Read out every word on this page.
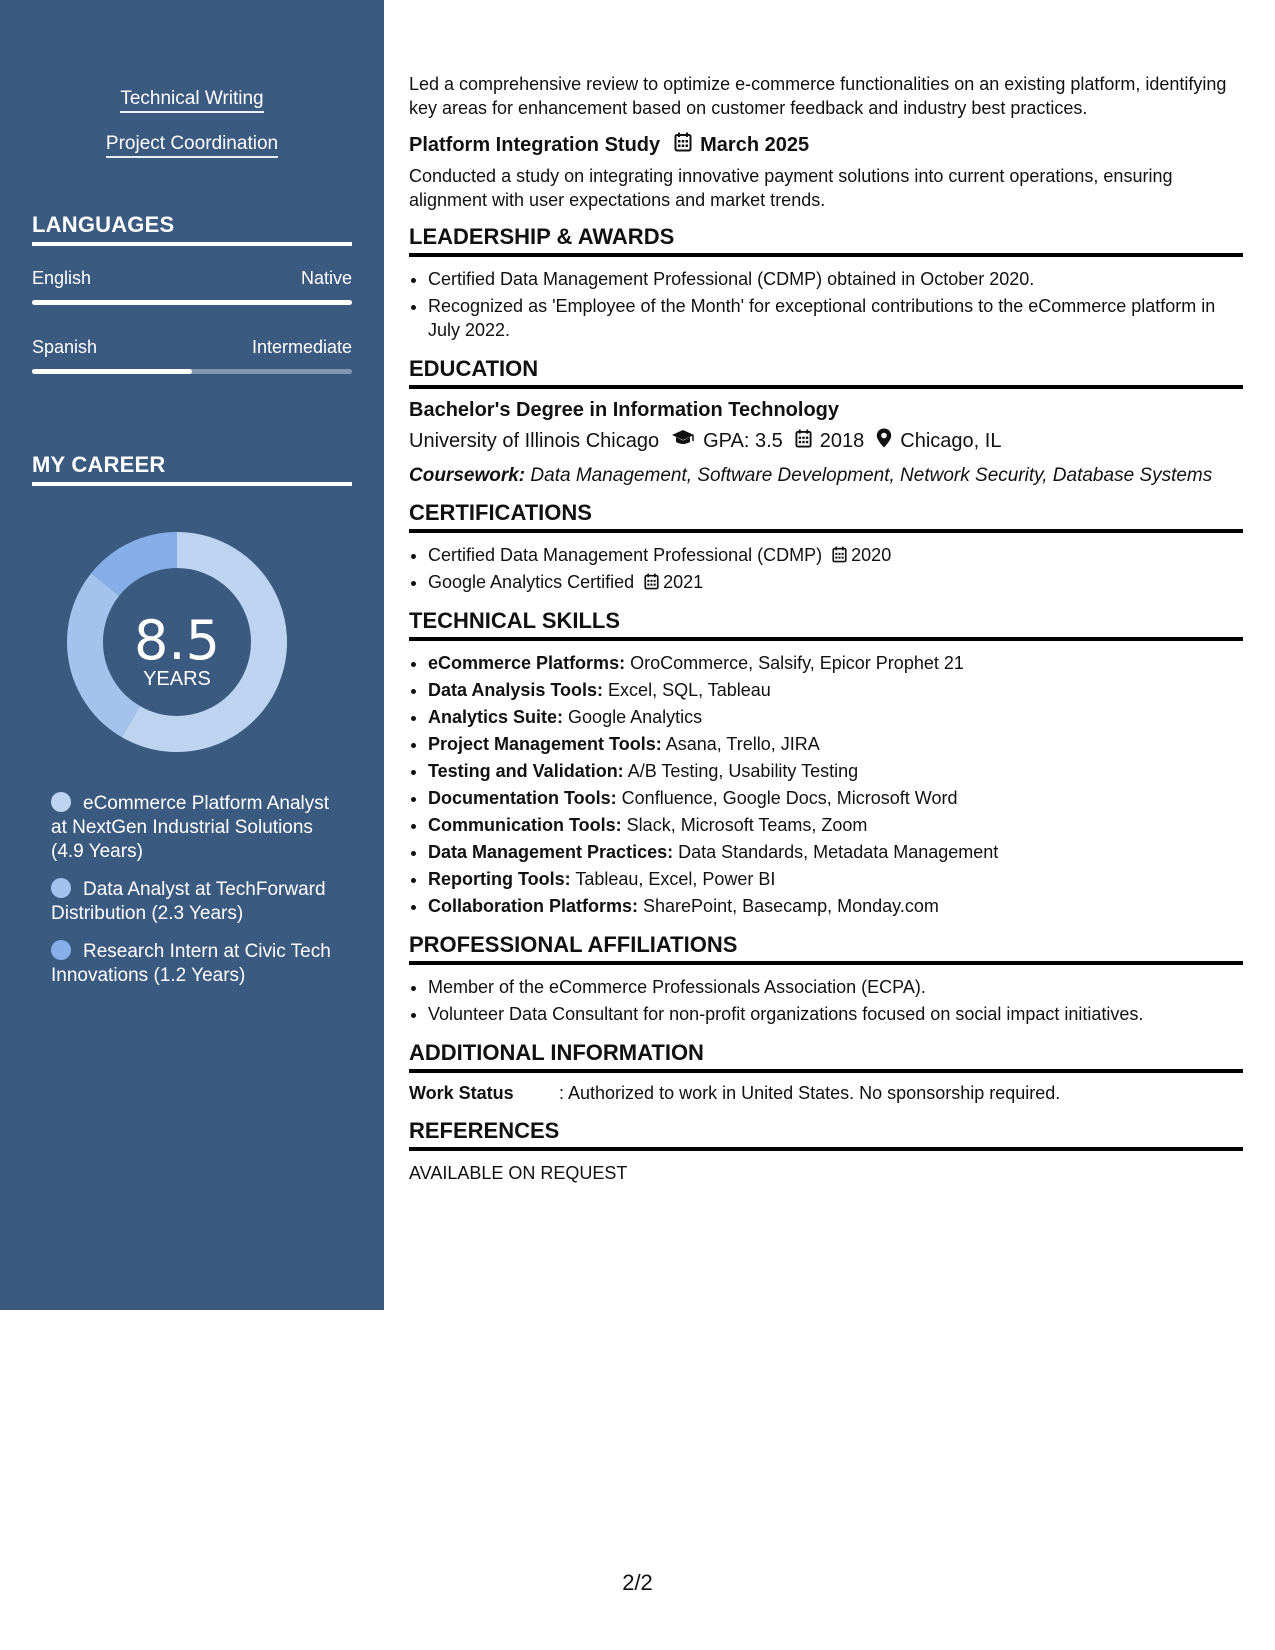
Technical Writing
Project Coordination
LANGUAGES
English	Native
Spanish	Intermediate
MY CAREER
8.5
YEARS
eCommerce Platform Analyst at NextGen Industrial Solutions (4.9 Years)
Data Analyst at TechForward Distribution (2.3 Years)
Research Intern at Civic Tech Innovations (1.2 Years)

Led a comprehensive review to optimize e-commerce functionalities on an existing platform, identifying key areas for enhancement based on customer feedback and industry best practices.

Platform Integration Study March 2025

Conducted a study on integrating innovative payment solutions into current operations, ensuring alignment with user expectations and market trends.

LEADERSHIP & AWARDS
• Certified Data Management Professional (CDMP) obtained in October 2020.
• Recognized as 'Employee of the Month' for exceptional contributions to the eCommerce platform in July 2022.
EDUCATION
Bachelor's Degree in Information Technology
University of Illinois Chicago GPA: 3.5 2018 Chicago, IL
Coursework: Data Management, Software Development, Network Security, Database Systems
CERTIFICATIONS
• Certified Data Management Professional (CDMP) 2020
• Google Analytics Certified 2021
TECHNICAL SKILLS
• eCommerce Platforms: OroCommerce, Salsify, Epicor Prophet 21
• Data Analysis Tools: Excel, SQL, Tableau
• Analytics Suite: Google Analytics
• Project Management Tools: Asana, Trello, JIRA
• Testing and Validation: A/B Testing, Usability Testing
• Documentation Tools: Confluence, Google Docs, Microsoft Word
• Communication Tools: Slack, Microsoft Teams, Zoom
• Data Management Practices: Data Standards, Metadata Management
• Reporting Tools: Tableau, Excel, Power BI
• Collaboration Platforms: SharePoint, Basecamp, Monday.com
PROFESSIONAL AFFILIATIONS
• Member of the eCommerce Professionals Association (ECPA).
• Volunteer Data Consultant for non-profit organizations focused on social impact initiatives.
ADDITIONAL INFORMATION
Work Status	: Authorized to work in United States. No sponsorship required.
REFERENCES
AVAILABLE ON REQUEST
2/2
